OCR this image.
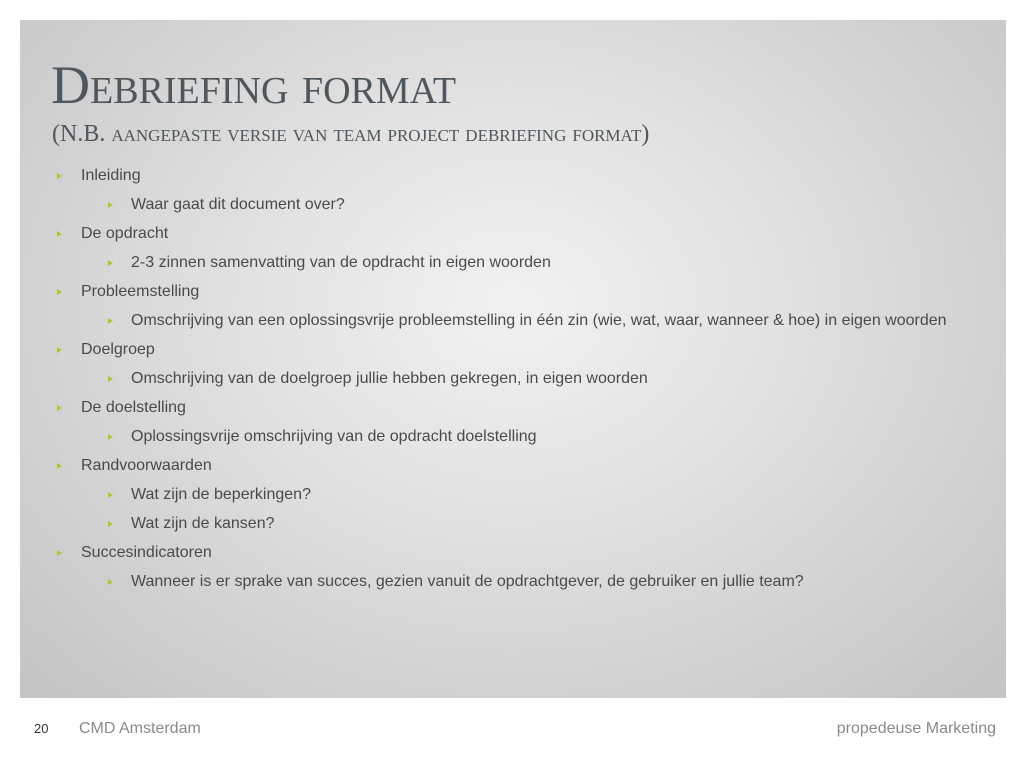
Debriefing format
(N.B. aangepaste versie van team project debriefing format)
Inleiding
Waar gaat dit document over?
De opdracht
2-3 zinnen samenvatting van de opdracht in eigen woorden
Probleemstelling
Omschrijving van een oplossingsvrije probleemstelling in één zin (wie, wat, waar, wanneer & hoe) in eigen woorden
Doelgroep
Omschrijving van de doelgroep jullie hebben gekregen, in eigen woorden
De doelstelling
Oplossingsvrije omschrijving van de opdracht doelstelling
Randvoorwaarden
Wat zijn de beperkingen?
Wat zijn de kansen?
Succesindicatoren
Wanneer is er sprake van succes, gezien vanuit de opdrachtgever, de gebruiker en jullie team?
20 CMD Amsterdam	propedeuse Marketing
